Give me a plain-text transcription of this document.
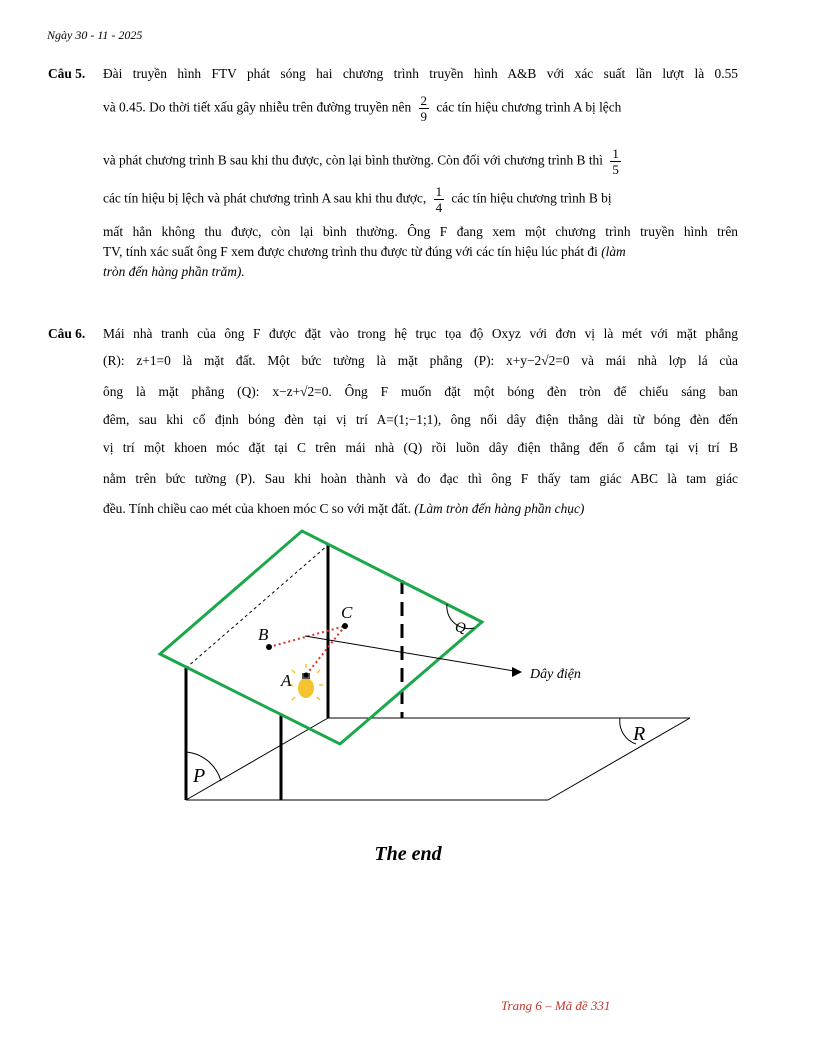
Ngày 30 - 11 - 2025
Câu 5. Đài truyền hình FTV phát sóng hai chương trình truyền hình A&B với xác suất lần lượt là 0.55
và 0.45. Do thời tiết xấu gây nhiễu trên đường truyền nên $\frac{2}{9}$ các tín hiệu chương trình A bị lệch
và phát chương trình B sau khi thu được, còn lại bình thường. Còn đối với chương trình B thì $\frac{1}{5}$
các tín hiệu bị lệch và phát chương trình A sau khi thu được, $\frac{1}{4}$ các tín hiệu chương trình B bị
mất hẳn không thu được, còn lại bình thường. Ông F đang xem một chương trình truyền hình trên
TV, tính xác suất ông F xem được chương trình thu được từ đúng với các tín hiệu lúc phát đi (làm
tròn đến hàng phần trăm).
Câu 6. Mái nhà tranh của ông F được đặt vào trong hệ trục tọa độ Oxyz với đơn vị là mét với mặt phẳng
(R): z+1=0 là mặt đất. Một bức tường là mặt phẳng (P): x+y−2√2=0 và mái nhà lợp lá của
ông là mặt phẳng (Q): x−z+√2=0. Ông F muốn đặt một bóng đèn tròn để chiếu sáng ban
đêm, sau khi cố định bóng đèn tại vị trí A=(1;−1;1), ông nối dây điện thẳng dài từ bóng đèn đến
vị trí một khoen móc đặt tại C trên mái nhà (Q) rồi luồn dây điện thẳng đến ổ cắm tại vị trí B
nằm trên bức tường (P). Sau khi hoàn thành và đo đạc thì ông F thấy tam giác ABC là tam giác
đều. Tính chiều cao mét của khoen móc C so với mặt đất. (Làm tròn đến hàng phần chục)
B
C
A
Q
R
P
Dây điện
The end
Trang 6 – Mã đề 331
